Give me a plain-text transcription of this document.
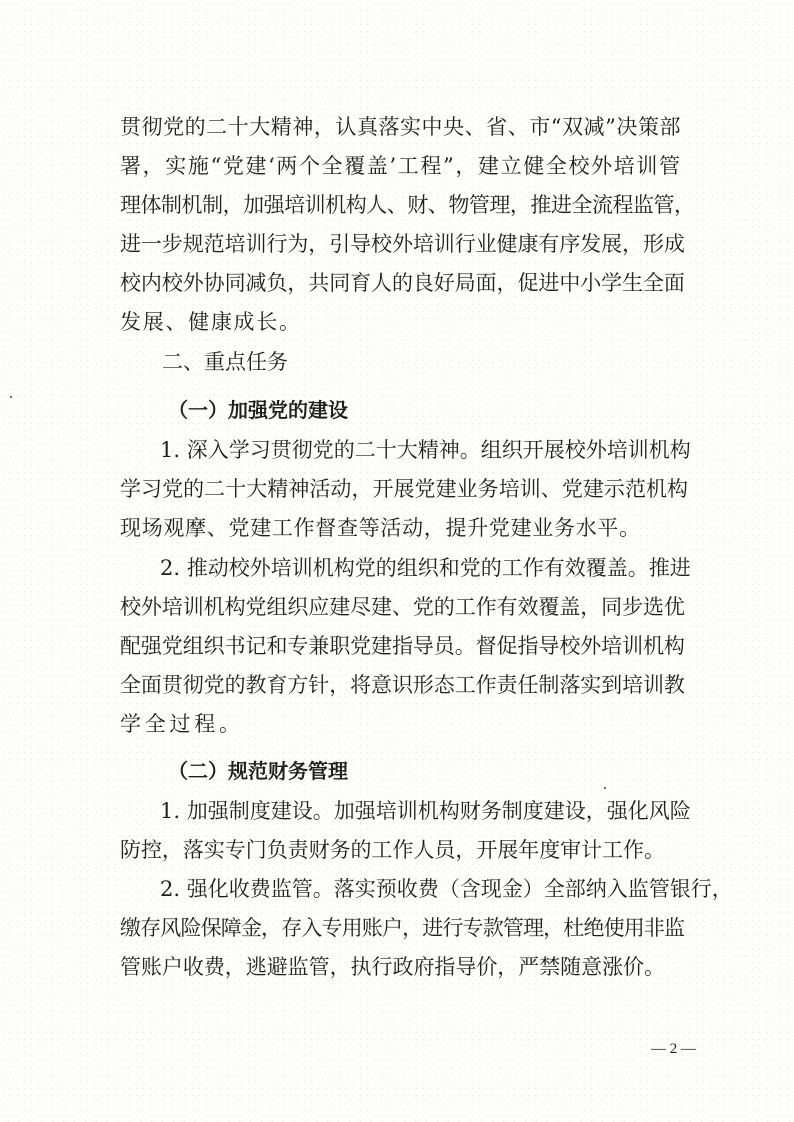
贯彻党的二十大精神，认真落实中央、省、市“双减”决策部
署，实施“党建‘两个全覆盖’工程”，建立健全校外培训管
理体制机制，加强培训机构人、财、物管理，推进全流程监管，
进一步规范培训行为，引导校外培训行业健康有序发展，形成
校内校外协同减负，共同育人的良好局面，促进中小学生全面
发展、健康成长。
二、重点任务
（一）加强党的建设
1. 深入学习贯彻党的二十大精神。组织开展校外培训机构
学习党的二十大精神活动，开展党建业务培训、党建示范机构
现场观摩、党建工作督查等活动，提升党建业务水平。
2. 推动校外培训机构党的组织和党的工作有效覆盖。推进
校外培训机构党组织应建尽建、党的工作有效覆盖，同步选优
配强党组织书记和专兼职党建指导员。督促指导校外培训机构
全面贯彻党的教育方针，将意识形态工作责任制落实到培训教
学全过程。
（二）规范财务管理
1. 加强制度建设。加强培训机构财务制度建设，强化风险
防控，落实专门负责财务的工作人员，开展年度审计工作。
2. 强化收费监管。落实预收费（含现金）全部纳入监管银行，
缴存风险保障金，存入专用账户，进行专款管理，杜绝使用非监
管账户收费，逃避监管，执行政府指导价，严禁随意涨价。
— 2 —
